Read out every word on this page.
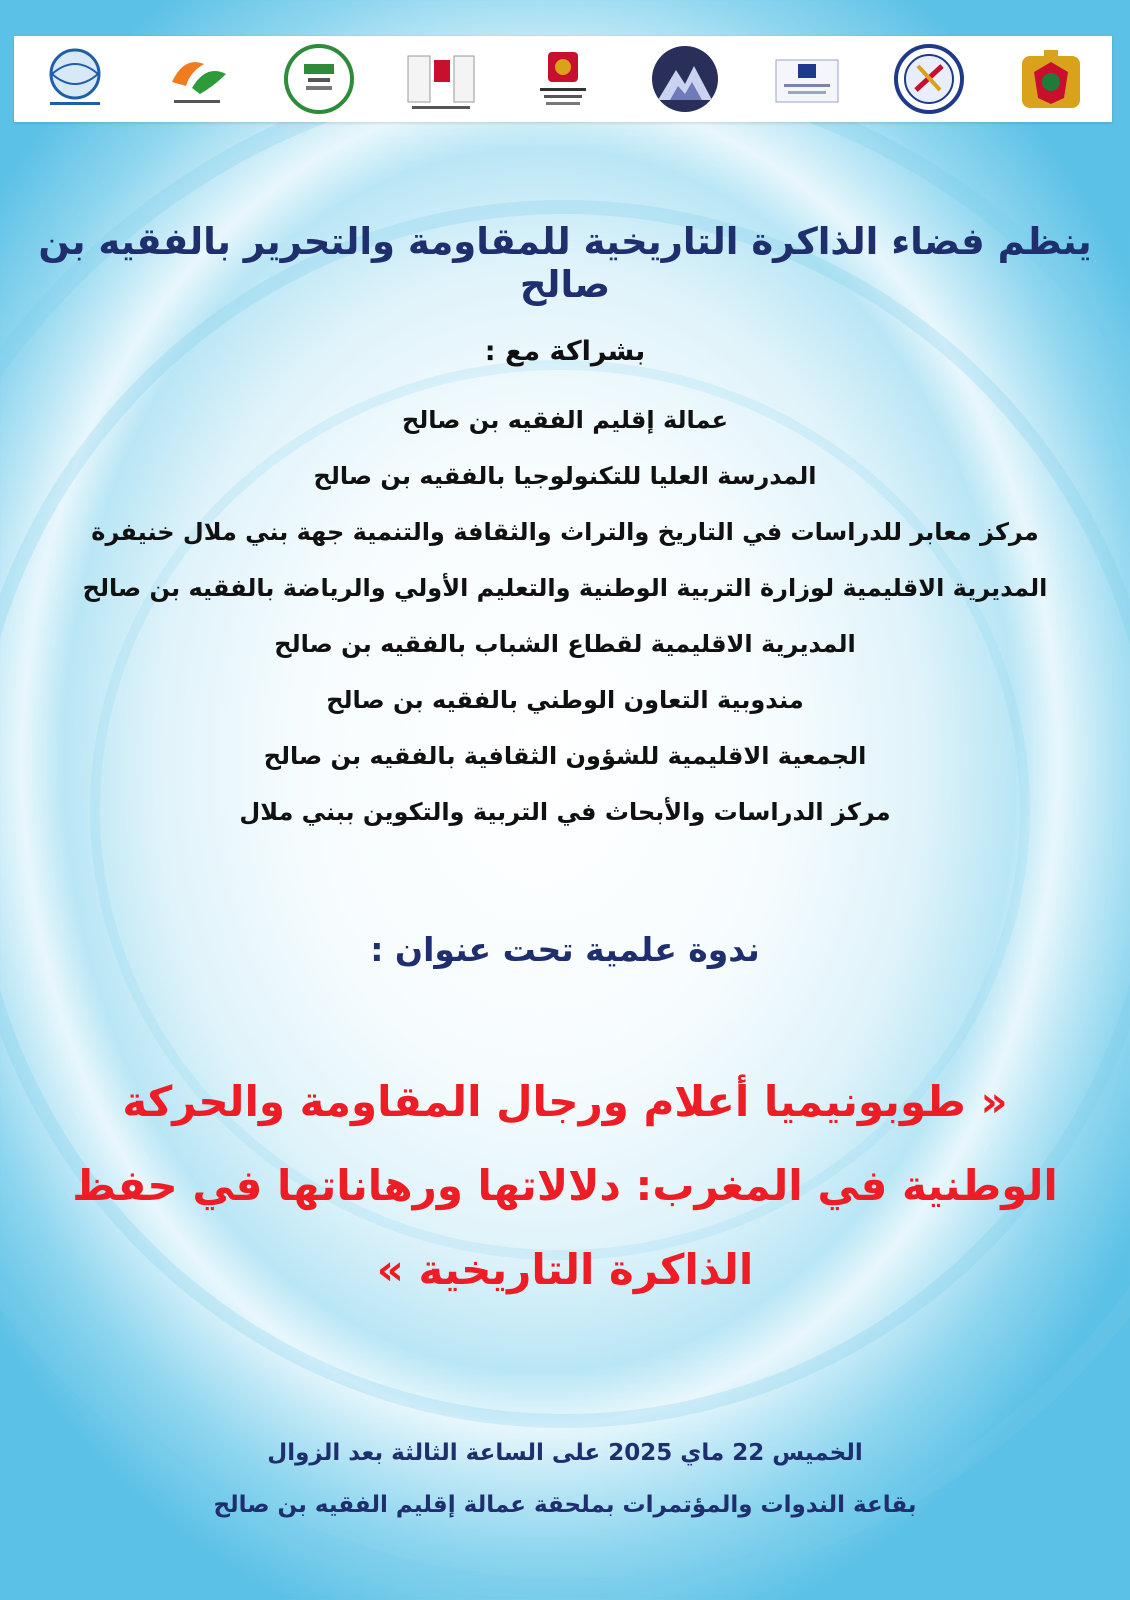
ينظم فضاء الذاكرة التاريخية للمقاومة والتحرير بالفقيه بن صالح
بشراكة مع :
عمالة إقليم الفقيه بن صالح
المدرسة العليا للتكنولوجيا بالفقيه بن صالح
مركز معابر للدراسات في التاريخ والتراث والثقافة والتنمية جهة بني ملال خنيفرة
المديرية الاقليمية لوزارة التربية الوطنية والتعليم الأولي والرياضة بالفقيه بن صالح
المديرية الاقليمية لقطاع الشباب بالفقيه بن صالح
مندوبية التعاون الوطني بالفقيه بن صالح
الجمعية الاقليمية للشؤون الثقافية بالفقيه بن صالح
مركز الدراسات والأبحاث في التربية والتكوين ببني ملال
ندوة علمية تحت عنوان :
« طوبونيميا أعلام ورجال المقاومة والحركة
الوطنية في المغرب: دلالاتها ورهاناتها في حفظ
الذاكرة التاريخية »
الخميس 22 ماي 2025 على الساعة الثالثة بعد الزوال
بقاعة الندوات والمؤتمرات بملحقة عمالة إقليم الفقيه بن صالح
